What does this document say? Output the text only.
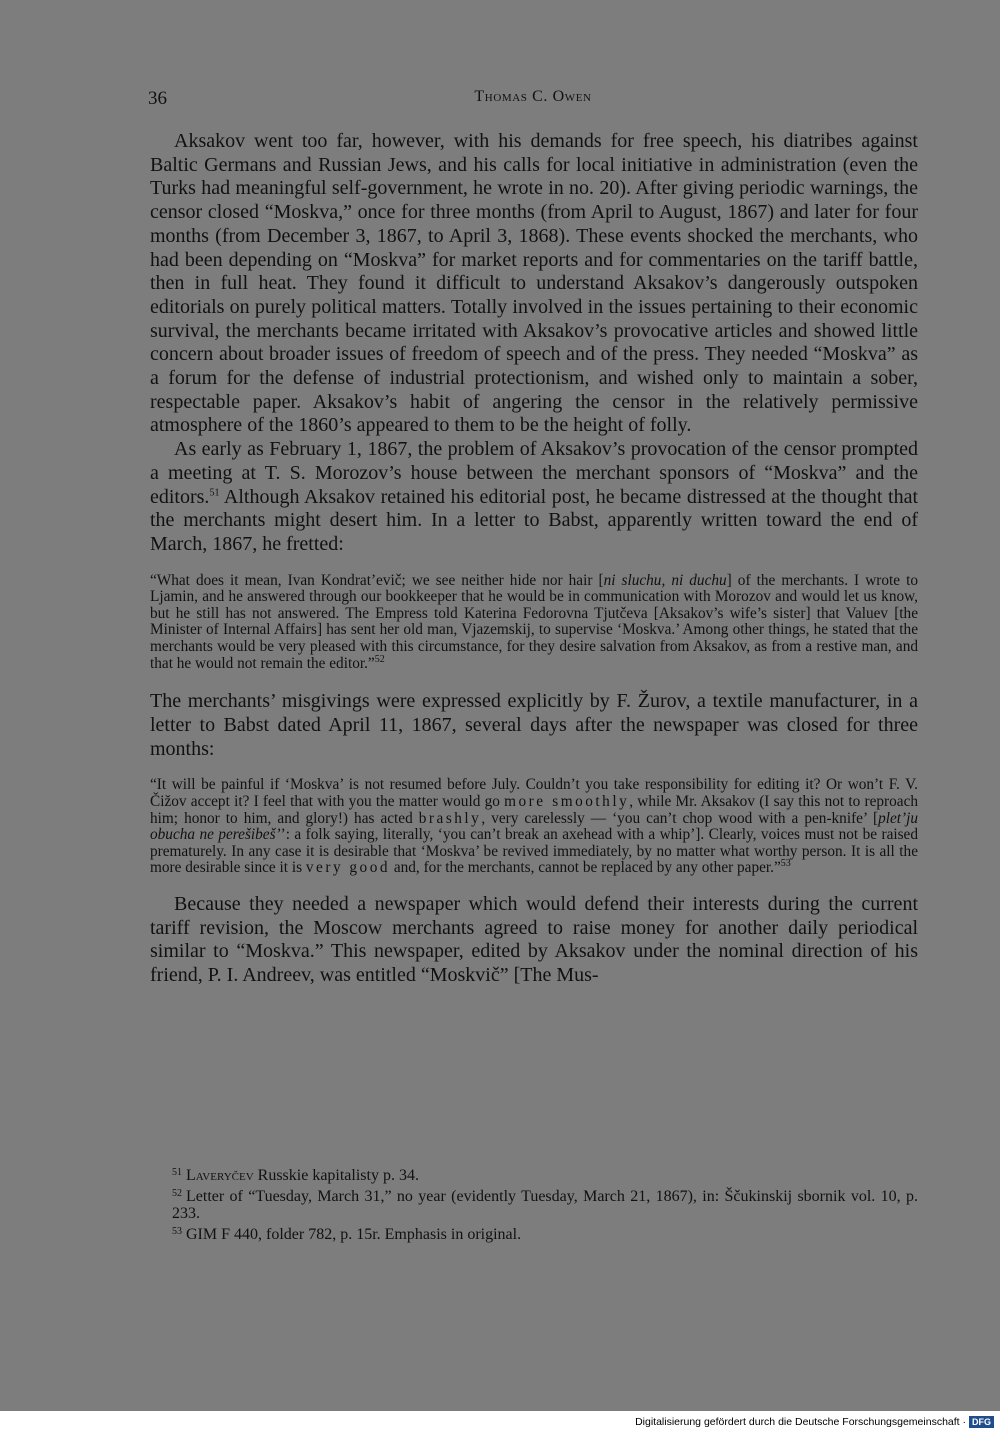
36	Thomas C. Owen

Aksakov went too far, however, with his demands for free speech, his diatribes against Baltic Germans and Russian Jews, and his calls for local initiative in administration (even the Turks had meaningful self-government, he wrote in no. 20). After giving periodic warnings, the censor closed “Moskva,” once for three months (from April to August, 1867) and later for four months (from December 3, 1867, to April 3, 1868). These events shocked the merchants, who had been depending on “Moskva” for market reports and for commentaries on the tariff battle, then in full heat. They found it difficult to understand Aksakov’s dangerously outspoken editorials on purely political matters. Totally involved in the issues pertaining to their economic survival, the merchants became irritated with Aksakov’s provocative articles and showed little concern about broader issues of freedom of speech and of the press. They needed “Moskva” as a forum for the defense of industrial protectionism, and wished only to maintain a sober, respectable paper. Aksakov’s habit of angering the censor in the relatively permissive atmosphere of the 1860’s appeared to them to be the height of folly.

As early as February 1, 1867, the problem of Aksakov’s provocation of the censor prompted a meeting at T. S. Morozov’s house between the merchant sponsors of “Moskva” and the editors.$^{51}$ Although Aksakov retained his editorial post, he became distressed at the thought that the merchants might desert him. In a letter to Babst, apparently written toward the end of March, 1867, he fretted:

“What does it mean, Ivan Kondrat’evič; we see neither hide nor hair [ni sluchu, ni duchu] of the merchants. I wrote to Ljamin, and he answered through our bookkeeper that he would be in communication with Morozov and would let us know, but he still has not answered. The Empress told Katerina Fedorovna Tjutčeva [Aksakov’s wife’s sister] that Valuev [the Minister of Internal Affairs] has sent her old man, Vjazemskij, to supervise ‘Moskva.’ Among other things, he stated that the merchants would be very pleased with this circumstance, for they desire salvation from Aksakov, as from a restive man, and that he would not remain the editor.”$^{52}$

The merchants’ misgivings were expressed explicitly by F. Žurov, a textile manufacturer, in a letter to Babst dated April 11, 1867, several days after the newspaper was closed for three months:

“It will be painful if ‘Moskva’ is not resumed before July. Couldn’t you take responsibility for editing it? Or won’t F. V. Čižov accept it? I feel that with you the matter would go more smoothly, while Mr. Aksakov (I say this not to reproach him; honor to him, and glory!) has acted brashly, very carelessly — ‘you can’t chop wood with a pen-knife’ [plet’ju obucha ne perešibeš’’: a folk saying, literally, ‘you can’t break an axehead with a whip’]. Clearly, voices must not be raised prematurely. In any case it is desirable that ‘Moskva’ be revived immediately, by no matter what worthy person. It is all the more desirable since it is very good and, for the merchants, cannot be replaced by any other paper.”$^{53}$

Because they needed a newspaper which would defend their interests during the current tariff revision, the Moscow merchants agreed to raise money for another daily periodical similar to “Moskva.” This newspaper, edited by Aksakov under the nominal direction of his friend, P. I. Andreev, was entitled “Moskvič” [The Mus-

$^{51}$ Laveryčev Russkie kapitalisty p. 34.

$^{52}$ Letter of “Tuesday, March 31,” no year (evidently Tuesday, March 21, 1867), in: Ščukinskij sbornik vol. 10, p. 233.

$^{53}$ GIM F 440, folder 782, p. 15r. Emphasis in original.

Digitalisierung gefördert durch die Deutsche Forschungsgemeinschaft · DFG
